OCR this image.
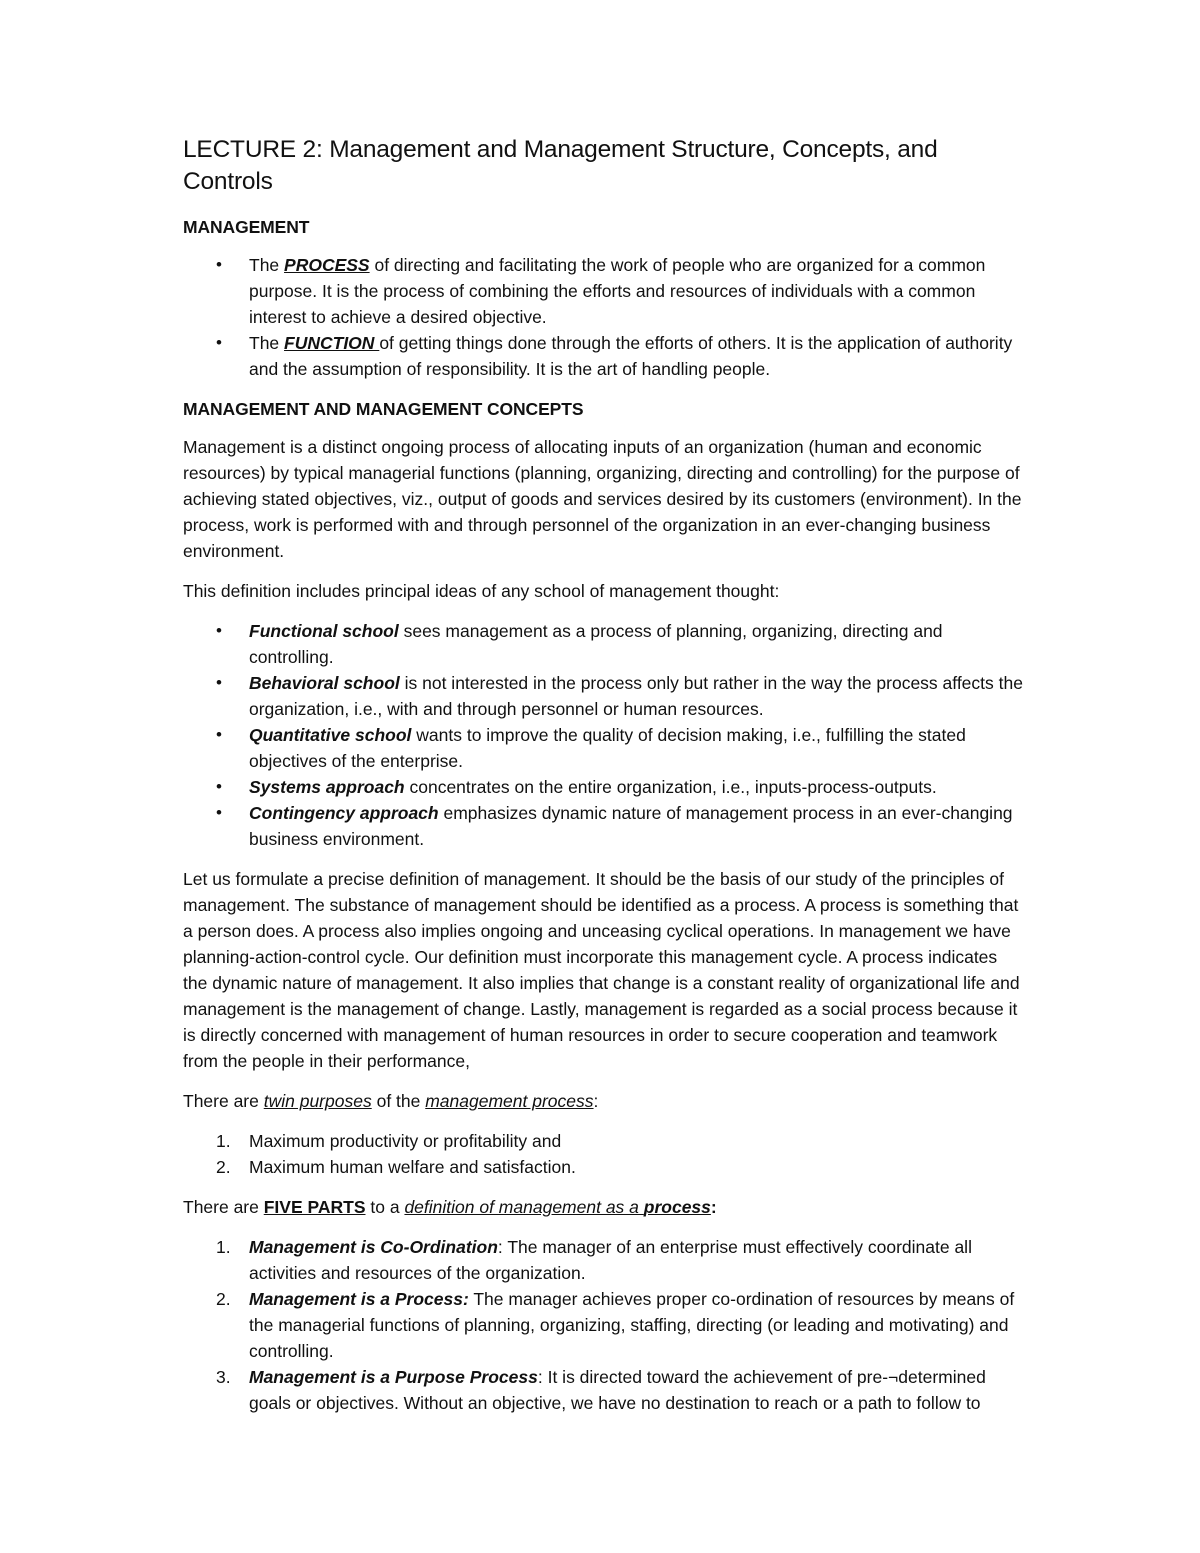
LECTURE 2: Management and Management Structure, Concepts, and Controls
MANAGEMENT
• The PROCESS of directing and facilitating the work of people who are organized for a common purpose. It is the process of combining the efforts and resources of individuals with a common interest to achieve a desired objective.
• The FUNCTION of getting things done through the efforts of others. It is the application of authority and the assumption of responsibility. It is the art of handling people.
MANAGEMENT AND MANAGEMENT CONCEPTS

Management is a distinct ongoing process of allocating inputs of an organization (human and economic resources) by typical managerial functions (planning, organizing, directing and controlling) for the purpose of achieving stated objectives, viz., output of goods and services desired by its customers (environment). In the process, work is performed with and through personnel of the organization in an ever-changing business environment.

This definition includes principal ideas of any school of management thought:

• Functional school sees management as a process of planning, organizing, directing and controlling.
• Behavioral school is not interested in the process only but rather in the way the process affects the organization, i.e., with and through personnel or human resources.
• Quantitative school wants to improve the quality of decision making, i.e., fulfilling the stated objectives of the enterprise.
• Systems approach concentrates on the entire organization, i.e., inputs-process-outputs.
• Contingency approach emphasizes dynamic nature of management process in an ever-changing business environment.

Let us formulate a precise definition of management. It should be the basis of our study of the principles of management. The substance of management should be identified as a process. A process is something that a person does. A process also implies ongoing and unceasing cyclical operations. In management we have planning-action-control cycle. Our definition must incorporate this management cycle. A process indicates the dynamic nature of management. It also implies that change is a constant reality of organizational life and management is the management of change. Lastly, management is regarded as a social process because it is directly concerned with management of human resources in order to secure cooperation and teamwork from the people in their performance,

There are twin purposes of the management process:

1. Maximum productivity or profitability and
2. Maximum human welfare and satisfaction.

There are FIVE PARTS to a definition of management as a process:

1. Management is Co-Ordination: The manager of an enterprise must effectively coordinate all activities and resources of the organization.
2. Management is a Process: The manager achieves proper co-ordination of resources by means of the managerial functions of planning, organizing, staffing, directing (or leading and motivating) and controlling.
3. Management is a Purpose Process: It is directed toward the achievement of pre-¬determined goals or objectives. Without an objective, we have no destination to reach or a path to follow to
